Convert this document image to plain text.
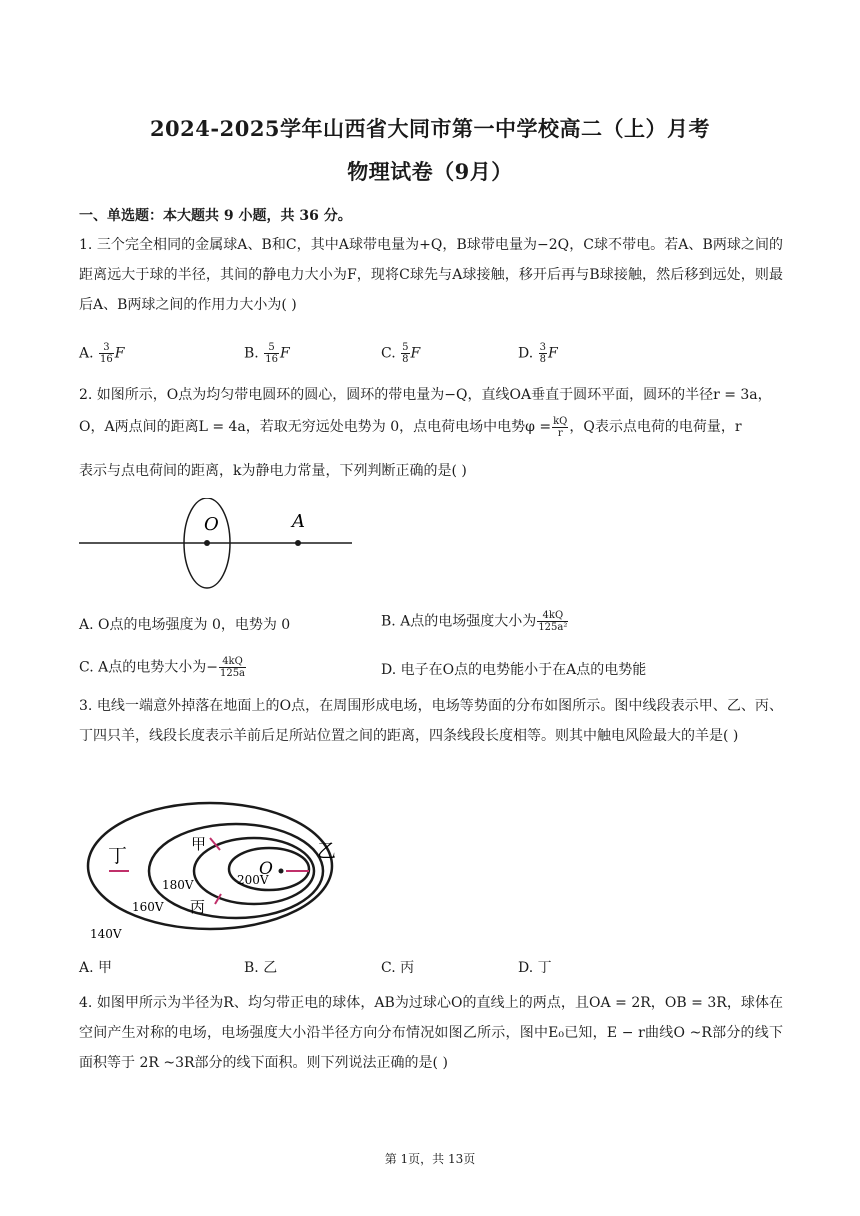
2024-2025学年山西省大同市第一中学校高二（上）月考
物理试卷（9月）
一、单选题：本大题共 9 小题，共 36 分。
1. 三个完全相同的金属球A、B和C，其中A球带电量为+Q，B球带电量为−2Q，C球不带电。若A、B两球之间的距离远大于球的半径，其间的静电力大小为F，现将C球先与A球接触，移开后再与B球接触，然后移到远处，则最后A、B两球之间的作用力大小为( )
A. $\frac{3}{16}$ F	B. $\frac{5}{16}$ F	C. $\frac{5}{8}$ F	D. $\frac{3}{8}$ F
2. 如图所示，O点为均匀带电圆环的圆心，圆环的带电量为−Q，直线OA垂直于圆环平面，圆环的半径r = 3a，
O，A两点间的距离L = 4a，若取无穷远处电势为 0，点电荷电场中电势$\varphi = \frac{kQ}{r}$ ，Q表示点电荷的电荷量，r
表示与点电荷间的距离，k为静电力常量，下列判断正确的是( )
O	A
A. O点的电场强度为 0，电势为 0	B. A点的电场强度大小为 $\frac{4kQ}{\text{125a²}}$
C. A点的电势大小为− $\frac{4kQ}{125a}$	D. 电子在O点的电势能小于在A点的电势能
3. 电线一端意外掉落在地面上的O点，在周围形成电场，电场等势面的分布如图所示。图中线段表示甲、乙、丙、丁四只羊，线段长度表示羊前后足所站位置之间的距离，四条线段长度相等。则其中触电风险最大的羊是( )
O
200V
180V
160V
140V
甲	乙
丙
丁
A. 甲	B. 乙	C. 丙	D. 丁
4. 如图甲所示为半径为R、均匀带正电的球体，AB为过球心O的直线上的两点，且OA = 2R，OB = 3R，球体在空间产生对称的电场，电场强度大小沿半径方向分布情况如图乙所示，图中E₀已知，E − r曲线O ~R部分的线下面积等于 2R ~3R部分的线下面积。则下列说法正确的是( )
第 1页，共 13页
